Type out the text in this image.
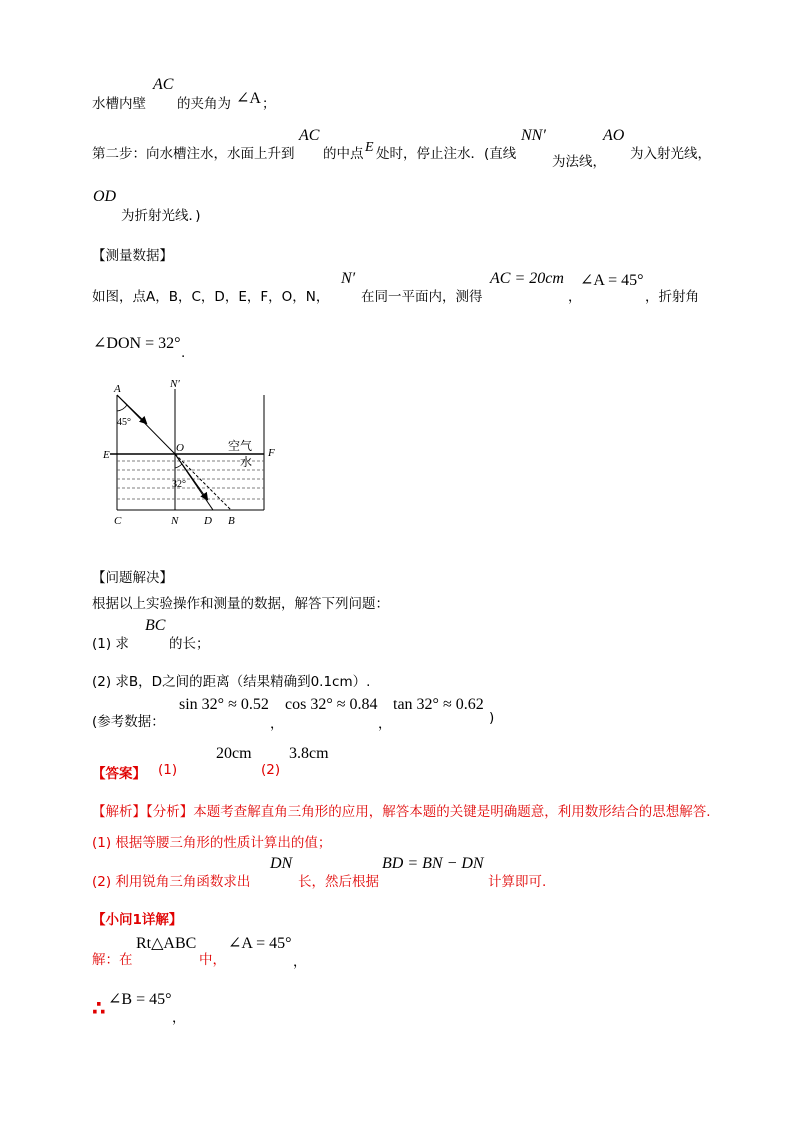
水槽内壁
AC
的夹角为 ∠A ；
第二步：向水槽注水，水面上升到
AC
的中点 E 处时，停止注水．(直线
NN′
为法线，
AO
为入射光线，
OD
为折射光线．)
【测量数据】
如图，点A，B，C，D，E，F，O，N，
N′
在同一平面内，测得
AC = 20cm
，
∠A = 45°
，折射角
∠DON = 32°
.
A	N′
45°
E
O	空气
水
F
32°
C	N D B
【问题解决】
根据以上实验操作和测量的数据，解答下列问题：
(1) 求
BC
的长；
(2) 求B，D之间的距离（结果精确到0.1cm）.
(参考数据：
sin 32° ≈ 0.52
，
cos 32° ≈ 0.84
，
tan 32° ≈ 0.62
)
【答案】 (1)
20cm
(2)
3.8cm
【解析】【分析】本题考查解直角三角形的应用，解答本题的关键是明确题意，利用数形结合的思想解答.
(1) 根据等腰三角形的性质计算出的值；
(2) 利用锐角三角函数求出
DN
长，然后根据
BD = BN − DN
计算即可.
【小问1详解】
解：在
Rt△ABC
中，
∠A = 45°
，
∴ ∠B = 45°
，
